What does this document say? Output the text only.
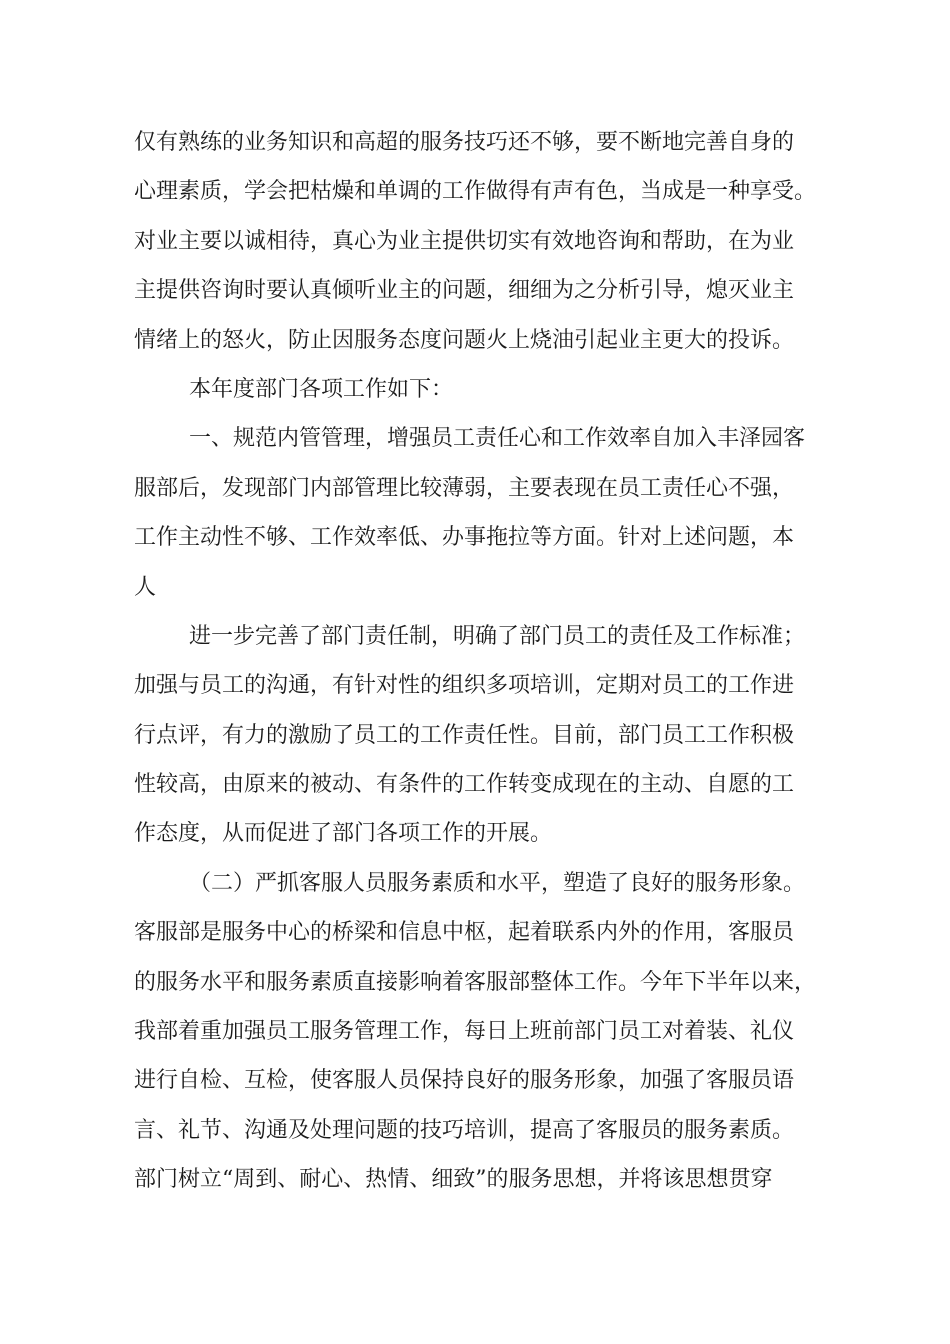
仅有熟练的业务知识和高超的服务技巧还不够，要不断地完善自身的
心理素质，学会把枯燥和单调的工作做得有声有色，当成是一种享受。
对业主要以诚相待，真心为业主提供切实有效地咨询和帮助，在为业
主提供咨询时要认真倾听业主的问题，细细为之分析引导，熄灭业主
情绪上的怒火，防止因服务态度问题火上烧油引起业主更大的投诉。
本年度部门各项工作如下：
一、规范内管管理，增强员工责任心和工作效率自加入丰泽园客
服部后，发现部门内部管理比较薄弱，主要表现在员工责任心不强，
工作主动性不够、工作效率低、办事拖拉等方面。针对上述问题，本
人
进一步完善了部门责任制，明确了部门员工的责任及工作标准；
加强与员工的沟通，有针对性的组织多项培训，定期对员工的工作进
行点评，有力的激励了员工的工作责任性。目前，部门员工工作积极
性较高，由原来的被动、有条件的工作转变成现在的主动、自愿的工
作态度，从而促进了部门各项工作的开展。
（二）严抓客服人员服务素质和水平，塑造了良好的服务形象。
客服部是服务中心的桥梁和信息中枢，起着联系内外的作用，客服员
的服务水平和服务素质直接影响着客服部整体工作。今年下半年以来，
我部着重加强员工服务管理工作，每日上班前部门员工对着装、礼仪
进行自检、互检，使客服人员保持良好的服务形象，加强了客服员语
言、礼节、沟通及处理问题的技巧培训，提高了客服员的服务素质。
部门树立“周到、耐心、热情、细致”的服务思想，并将该思想贯穿
